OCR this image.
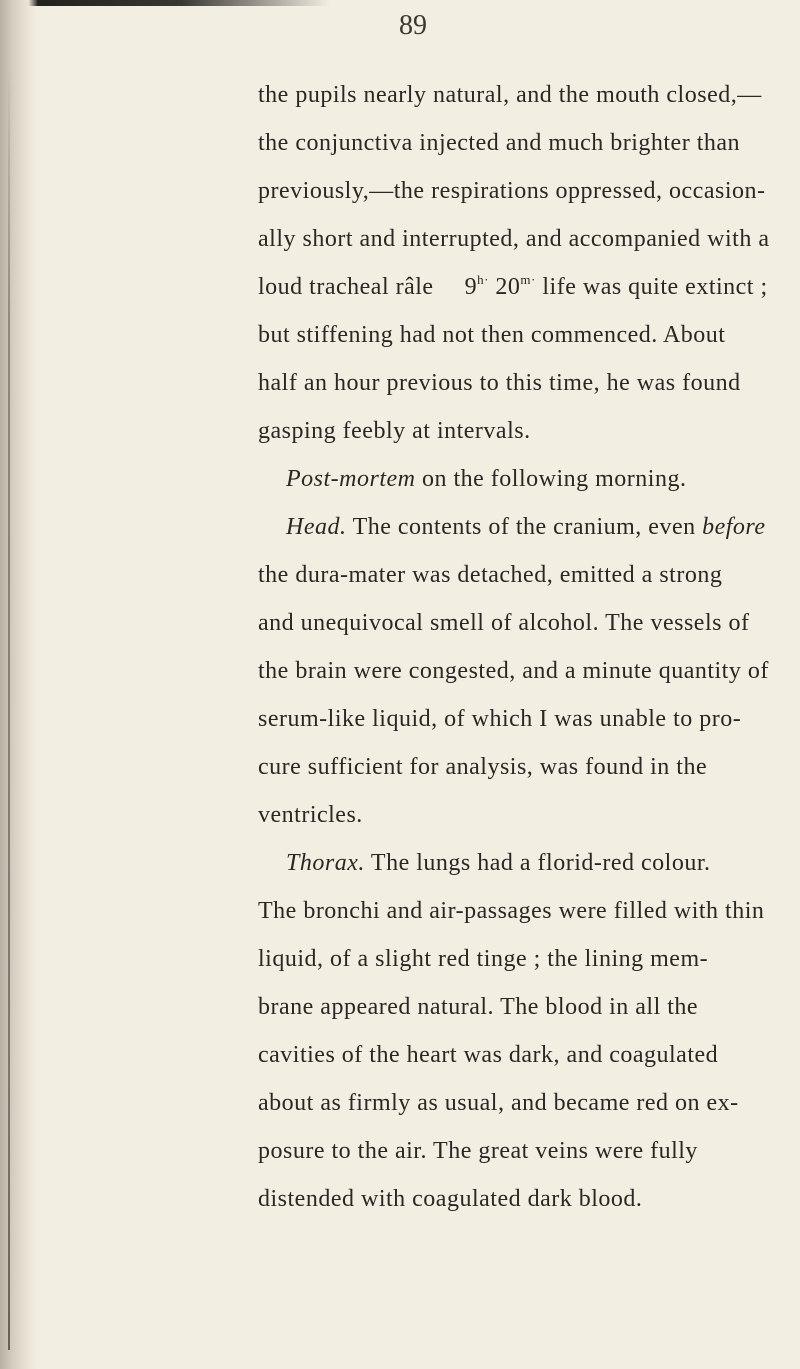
89
the pupils nearly natural, and the mouth closed,—
the conjunctiva injected and much brighter than
previously,—the respirations oppressed, occasion-
ally short and interrupted, and accompanied with a
loud tracheal râle $9^{h\cdot}$ $20^{m\cdot}$ life was quite extinct ;
but stiffening had not then commenced. About
half an hour previous to this time, he was found
gasping feebly at intervals.
Post-mortem on the following morning.
Head. The contents of the cranium, even before
the dura-mater was detached, emitted a strong
and unequivocal smell of alcohol. The vessels of
the brain were congested, and a minute quantity of
serum-like liquid, of which I was unable to pro-
cure sufficient for analysis, was found in the
ventricles.
Thorax. The lungs had a florid-red colour.
The bronchi and air-passages were filled with thin
liquid, of a slight red tinge ; the lining mem-
brane appeared natural. The blood in all the
cavities of the heart was dark, and coagulated
about as firmly as usual, and became red on ex-
posure to the air. The great veins were fully
distended with coagulated dark blood.
